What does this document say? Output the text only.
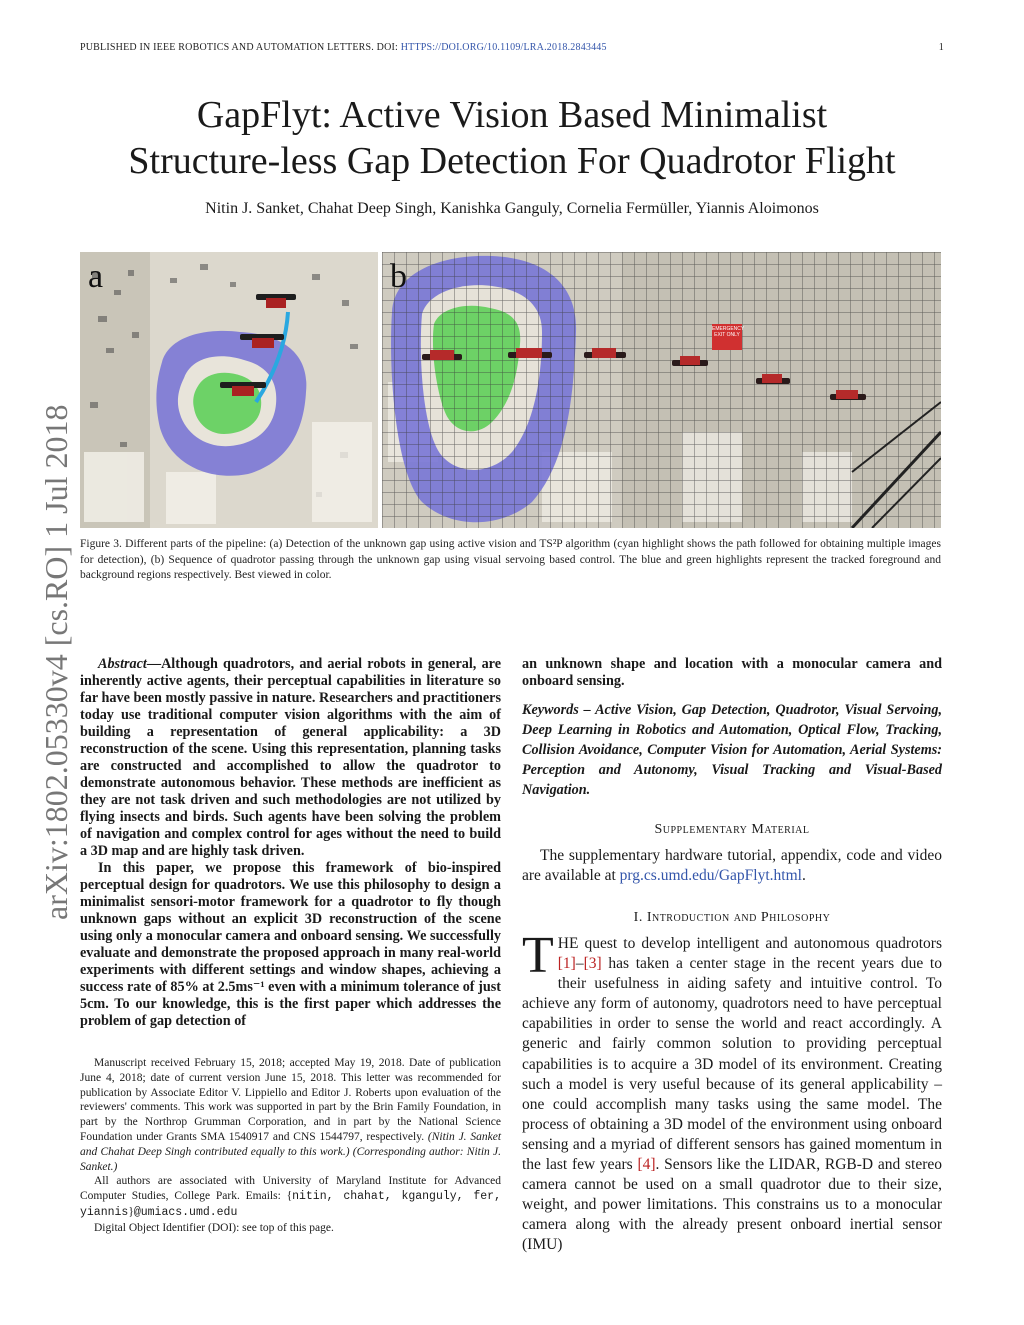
PUBLISHED IN IEEE ROBOTICS AND AUTOMATION LETTERS. DOI: HTTPS://DOI.ORG/10.1109/LRA.2018.2843445	1
arXiv:1802.05330v4 [cs.RO] 1 Jul 2018
GapFlyt: Active Vision Based Minimalist
Structure-less Gap Detection For Quadrotor Flight
Nitin J. Sanket, Chahat Deep Singh, Kanishka Ganguly, Cornelia Fermüller, Yiannis Aloimonos
a	b
EMERGENCY
EXIT ONLY
Figure 3. Different parts of the pipeline: (a) Detection of the unknown gap using active vision and TS²P algorithm (cyan highlight shows the path followed for obtaining multiple images for detection), (b) Sequence of quadrotor passing through the unknown gap using visual servoing based control. The blue and green highlights represent the tracked foreground and background regions respectively. Best viewed in color.

Abstract—Although quadrotors, and aerial robots in general, are inherently active agents, their perceptual capabilities in literature so far have been mostly passive in nature. Researchers and practitioners today use traditional computer vision algorithms with the aim of building a representation of general applicability: a 3D reconstruction of the scene. Using this representation, planning tasks are constructed and accomplished to allow the quadrotor to demonstrate autonomous behavior. These methods are inefficient as they are not task driven and such methodologies are not utilized by flying insects and birds. Such agents have been solving the problem of navigation and complex control for ages without the need to build a 3D map and are highly task driven.

In this paper, we propose this framework of bio-inspired perceptual design for quadrotors. We use this philosophy to design a minimalist sensori-motor framework for a quadrotor to fly though unknown gaps without an explicit 3D reconstruction of the scene using only a monocular camera and onboard sensing. We successfully evaluate and demonstrate the proposed approach in many real-world experiments with different settings and window shapes, achieving a success rate of 85% at 2.5ms⁻¹ even with a minimum tolerance of just 5cm. To our knowledge, this is the first paper which addresses the problem of gap detection of

an unknown shape and location with a monocular camera and onboard sensing.
Keywords – Active Vision, Gap Detection, Quadrotor, Visual Servoing, Deep Learning in Robotics and Automation, Optical Flow, Tracking, Collision Avoidance, Computer Vision for Automation, Aerial Systems: Perception and Autonomy, Visual Tracking and Visual-Based Navigation.
Supplementary Material
The supplementary hardware tutorial, appendix, code and video are available at prg.cs.umd.edu/GapFlyt.html.
I. Introduction and Philosophy
THE quest to develop intelligent and autonomous quadrotors [1]–[3] has taken a center stage in the recent years due to their usefulness in aiding safety and intuitive control. To achieve any form of autonomy, quadrotors need to have perceptual capabilities in order to sense the world and react accordingly. A generic and fairly common solution to providing perceptual capabilities is to acquire a 3D model of its environment. Creating such a model is very useful because of its general applicability – one could accomplish many tasks using the same model. The process of obtaining a 3D model of the environment using onboard sensing and a myriad of different sensors has gained momentum in the last few years [4]. Sensors like the LIDAR, RGB-D and stereo camera cannot be used on a small quadrotor due to their size, weight, and power limitations. This constrains us to a monocular camera along with the already present onboard inertial sensor (IMU)

Manuscript received February 15, 2018; accepted May 19, 2018. Date of publication June 4, 2018; date of current version June 15, 2018. This letter was recommended for publication by Associate Editor V. Lippiello and Editor J. Roberts upon evaluation of the reviewers' comments. This work was supported in part by the Brin Family Foundation, in part by the Northrop Grumman Corporation, and in part by the National Science Foundation under Grants SMA 1540917 and CNS 1544797, respectively. (Nitin J. Sanket and Chahat Deep Singh contributed equally to this work.) (Corresponding author: Nitin J. Sanket.)

All authors are associated with University of Maryland Institute for Advanced Computer Studies, College Park. Emails: {nitin, chahat, kganguly, fer, yiannis}@umiacs.umd.edu

Digital Object Identifier (DOI): see top of this page.
